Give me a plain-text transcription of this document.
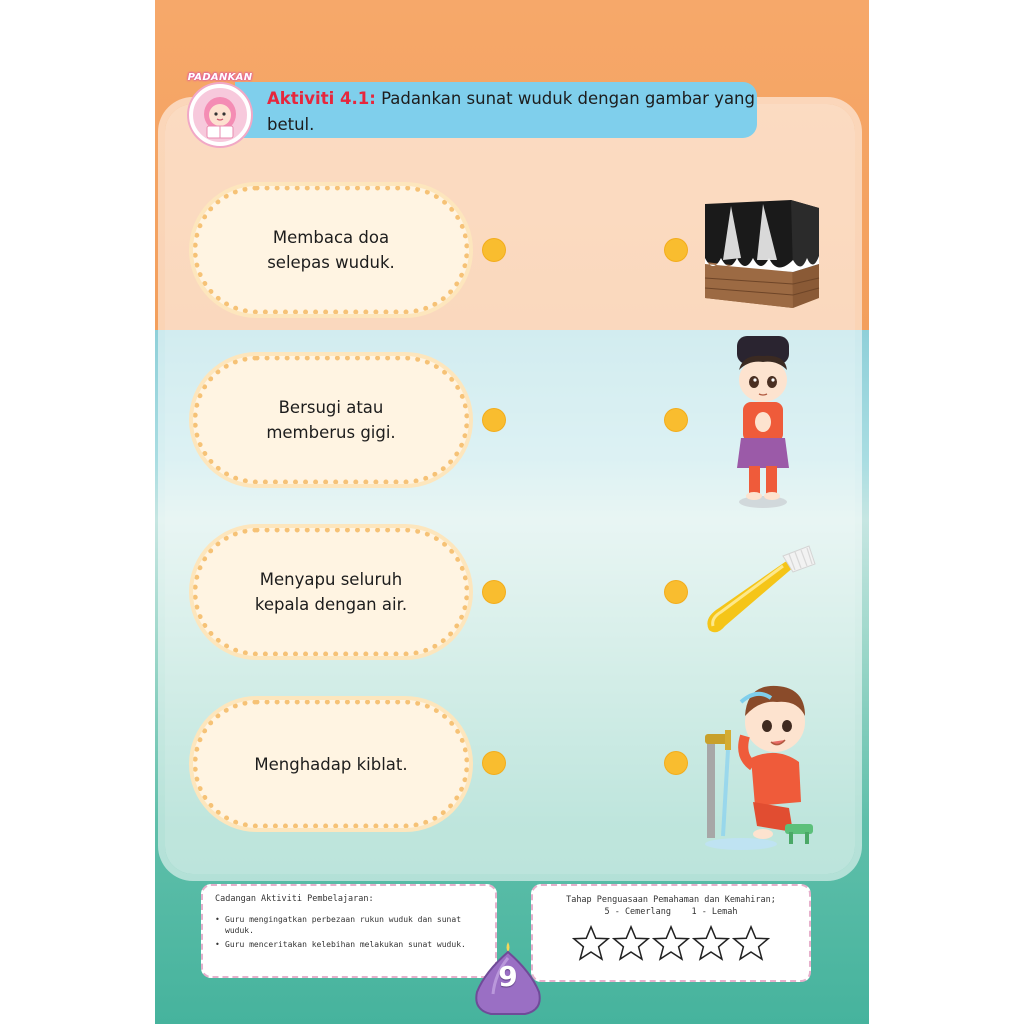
PADANKAN
Aktiviti 4.1: Padankan sunat wuduk dengan gambar yang betul.
Membaca doa
selepas wuduk.
Bersugi atau
memberus gigi.
Menyapu seluruh
kepala dengan air.
Menghadap kiblat.
Cadangan Aktiviti Pembelajaran:
• Guru mengingatkan perbezaan rukun wuduk dan sunat wuduk.
• Guru menceritakan kelebihan melakukan sunat wuduk.
Tahap Penguasaan Pemahaman dan Kemahiran;
5 - Cemerlang    1 - Lemah
9
